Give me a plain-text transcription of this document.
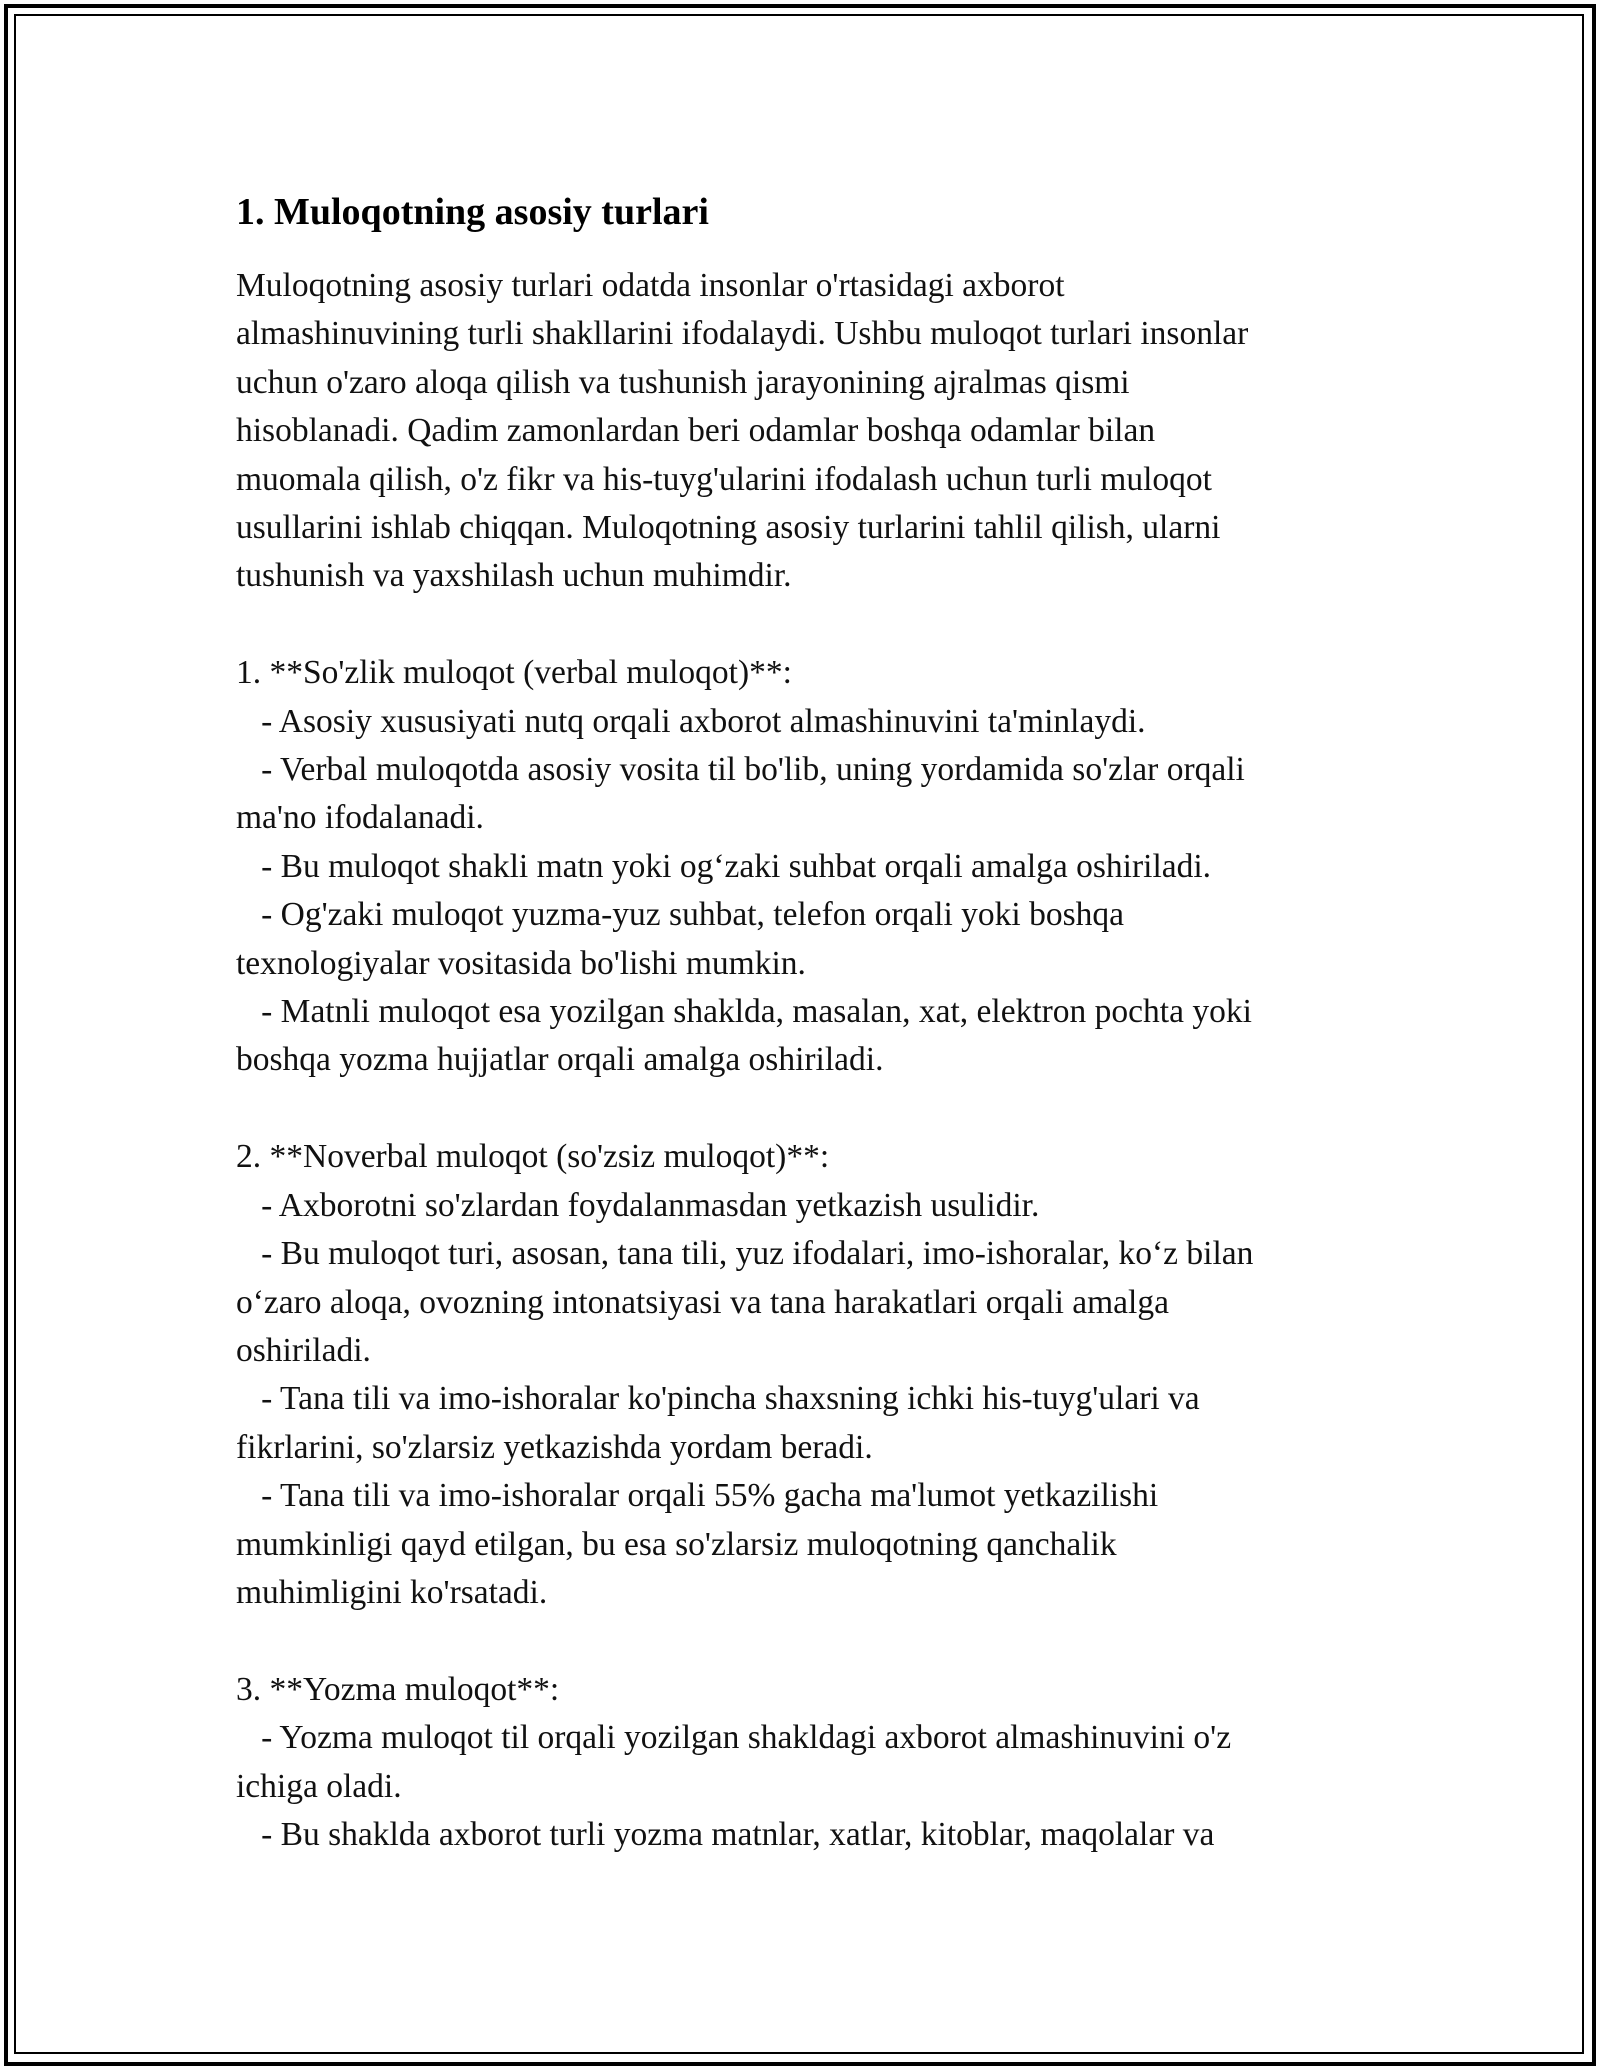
1. Muloqotning asosiy turlari
Muloqotning asosiy turlari odatda insonlar o'rtasidagi axborot
almashinuvining turli shakllarini ifodalaydi. Ushbu muloqot turlari insonlar
uchun o'zaro aloqa qilish va tushunish jarayonining ajralmas qismi
hisoblanadi. Qadim zamonlardan beri odamlar boshqa odamlar bilan
muomala qilish, o'z fikr va his-tuyg'ularini ifodalash uchun turli muloqot
usullarini ishlab chiqqan. Muloqotning asosiy turlarini tahlil qilish, ularni
tushunish va yaxshilash uchun muhimdir.
1. **So'zlik muloqot (verbal muloqot)**:
- Asosiy xususiyati nutq orqali axborot almashinuvini ta'minlaydi.
- Verbal muloqotda asosiy vosita til bo'lib, uning yordamida so'zlar orqali
ma'no ifodalanadi.
- Bu muloqot shakli matn yoki og‘zaki suhbat orqali amalga oshiriladi.
- Og'zaki muloqot yuzma-yuz suhbat, telefon orqali yoki boshqa
texnologiyalar vositasida bo'lishi mumkin.
- Matnli muloqot esa yozilgan shaklda, masalan, xat, elektron pochta yoki
boshqa yozma hujjatlar orqali amalga oshiriladi.
2. **Noverbal muloqot (so'zsiz muloqot)**:
- Axborotni so'zlardan foydalanmasdan yetkazish usulidir.
- Bu muloqot turi, asosan, tana tili, yuz ifodalari, imo-ishoralar, ko‘z bilan
o‘zaro aloqa, ovozning intonatsiyasi va tana harakatlari orqali amalga
oshiriladi.
- Tana tili va imo-ishoralar ko'pincha shaxsning ichki his-tuyg'ulari va
fikrlarini, so'zlarsiz yetkazishda yordam beradi.
- Tana tili va imo-ishoralar orqali 55% gacha ma'lumot yetkazilishi
mumkinligi qayd etilgan, bu esa so'zlarsiz muloqotning qanchalik
muhimligini ko'rsatadi.
3. **Yozma muloqot**:
- Yozma muloqot til orqali yozilgan shakldagi axborot almashinuvini o'z
ichiga oladi.
- Bu shaklda axborot turli yozma matnlar, xatlar, kitoblar, maqolalar va
